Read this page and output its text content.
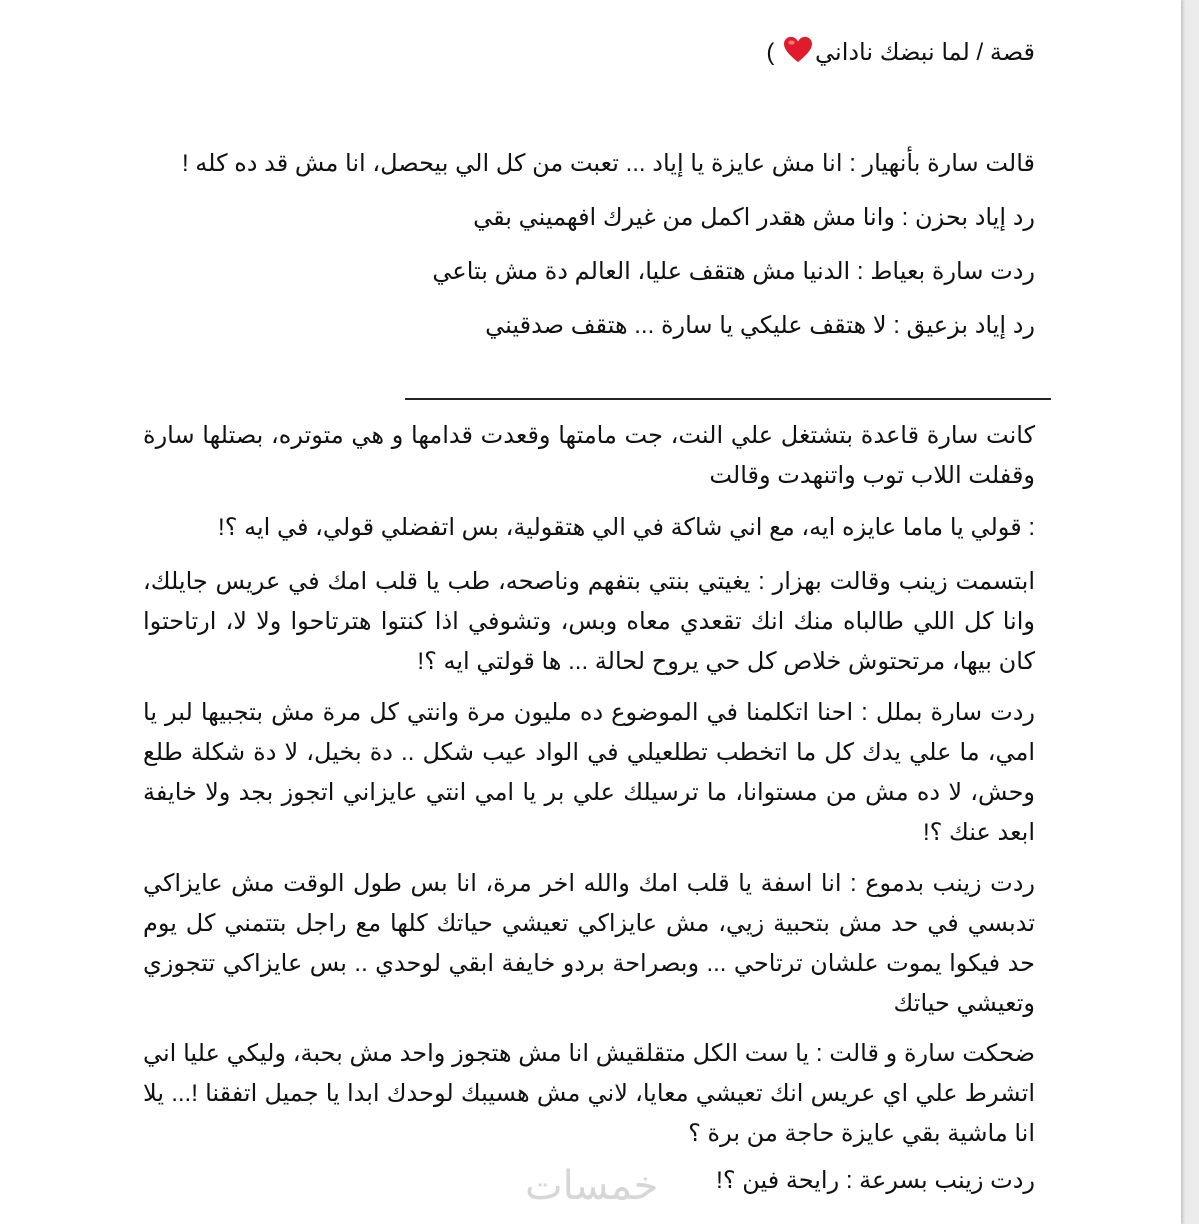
قصة / لما نبضك ناداني )
قالت سارة بأنهيار : انا مش عايزة يا إياد ... تعبت من كل الي بيحصل، انا مش قد ده كله !
رد إياد بحزن : وانا مش هقدر اكمل من غيرك افهميني بقي
ردت سارة بعياط : الدنيا مش هتقف عليا، العالم دة مش بتاعي
رد إياد بزعيق : لا هتقف عليكي يا سارة ... هتقف صدقيني
كانت سارة قاعدة بتشتغل علي النت، جت مامتها وقعدت قدامها و هي متوتره، بصتلها سارة وقفلت اللاب توب واتنهدت وقالت
: قولي يا ماما عايزه ايه، مع اني شاكة في الي هتقولية، بس اتفضلي قولي، في ايه ؟!
ابتسمت زينب وقالت بهزار : يغيتي بنتي بتفهم وناصحه، طب يا قلب امك في عريس جايلك، وانا كل اللي طالباه منك انك تقعدي معاه وبس، وتشوفي اذا كنتوا هترتاحوا ولا لا، ارتاحتوا كان بيها، مرتحتوش خلاص كل حي يروح لحالة ... ها قولتي ايه ؟!
ردت سارة بملل : احنا اتكلمنا في الموضوع ده مليون مرة وانتي كل مرة مش بتجبيها لبر يا امي، ما علي يدك كل ما اتخطب تطلعيلي في الواد عيب شكل .. دة بخيل، لا دة شكلة طلع وحش، لا ده مش من مستوانا، ما ترسيلك علي بر يا امي انتي عايزاني اتجوز بجد ولا خايفة ابعد عنك ؟!
ردت زينب بدموع : انا اسفة يا قلب امك والله اخر مرة، انا بس طول الوقت مش عايزاكي تدبسي في حد مش بتحبية زيي، مش عايزاكي تعيشي حياتك كلها مع راجل بتتمني كل يوم حد فيكوا يموت علشان ترتاحي ... وبصراحة بردو خايفة ابقي لوحدي .. بس عايزاكي تتجوزي وتعيشي حياتك
ضحكت سارة و قالت : يا ست الكل متقلقيش انا مش هتجوز واحد مش بحبة، وليكي عليا اني اتشرط علي اي عريس انك تعيشي معايا، لاني مش هسيبك لوحدك ابدا يا جميل اتفقنا !... يلا انا ماشية بقي عايزة حاجة من برة ؟
ردت زينب بسرعة : رايحة فين ؟!
خمسات
